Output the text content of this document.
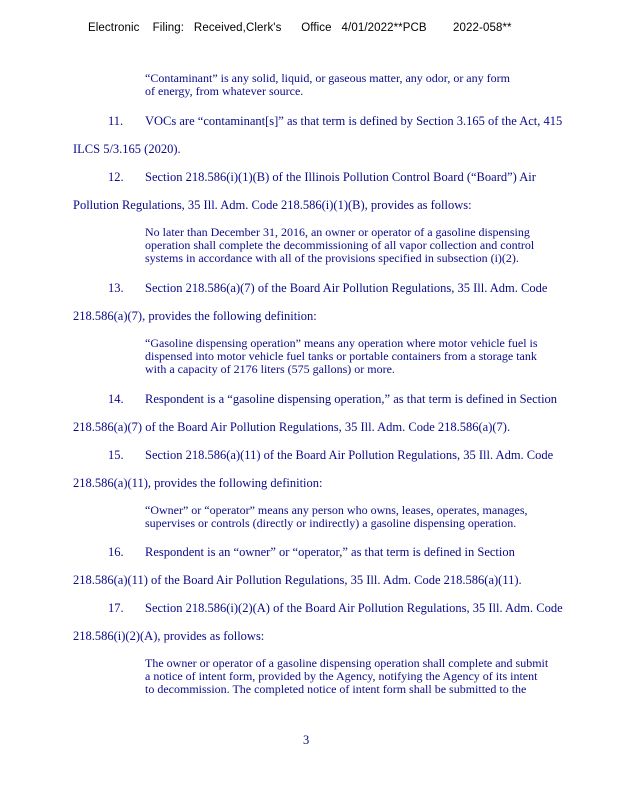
Electronic    Filing:   Received,Clerk's      Office   4/01/2022**PCB        2022-058**
“Contaminant” is any solid, liquid, or gaseous matter, any odor, or any form
of energy, from whatever source.
11. VOCs are “contaminant[s]” as that term is defined by Section 3.165 of the Act, 415
ILCS 5/3.165 (2020).
12. Section 218.586(i)(1)(B) of the Illinois Pollution Control Board (“Board”) Air
Pollution Regulations, 35 Ill. Adm. Code 218.586(i)(1)(B), provides as follows:
No later than December 31, 2016, an owner or operator of a gasoline dispensing
operation shall complete the decommissioning of all vapor collection and control
systems in accordance with all of the provisions specified in subsection (i)(2).
13. Section 218.586(a)(7) of the Board Air Pollution Regulations, 35 Ill. Adm. Code
218.586(a)(7), provides the following definition:
“Gasoline dispensing operation” means any operation where motor vehicle fuel is
dispensed into motor vehicle fuel tanks or portable containers from a storage tank
with a capacity of 2176 liters (575 gallons) or more.
14. Respondent is a “gasoline dispensing operation,” as that term is defined in Section
218.586(a)(7) of the Board Air Pollution Regulations, 35 Ill. Adm. Code 218.586(a)(7).
15. Section 218.586(a)(11) of the Board Air Pollution Regulations, 35 Ill. Adm. Code
218.586(a)(11), provides the following definition:
“Owner” or “operator” means any person who owns, leases, operates, manages,
supervises or controls (directly or indirectly) a gasoline dispensing operation.
16. Respondent is an “owner” or “operator,” as that term is defined in Section
218.586(a)(11) of the Board Air Pollution Regulations, 35 Ill. Adm. Code 218.586(a)(11).
17. Section 218.586(i)(2)(A) of the Board Air Pollution Regulations, 35 Ill. Adm. Code
218.586(i)(2)(A), provides as follows:
The owner or operator of a gasoline dispensing operation shall complete and submit
a notice of intent form, provided by the Agency, notifying the Agency of its intent
to decommission. The completed notice of intent form shall be submitted to the
3
